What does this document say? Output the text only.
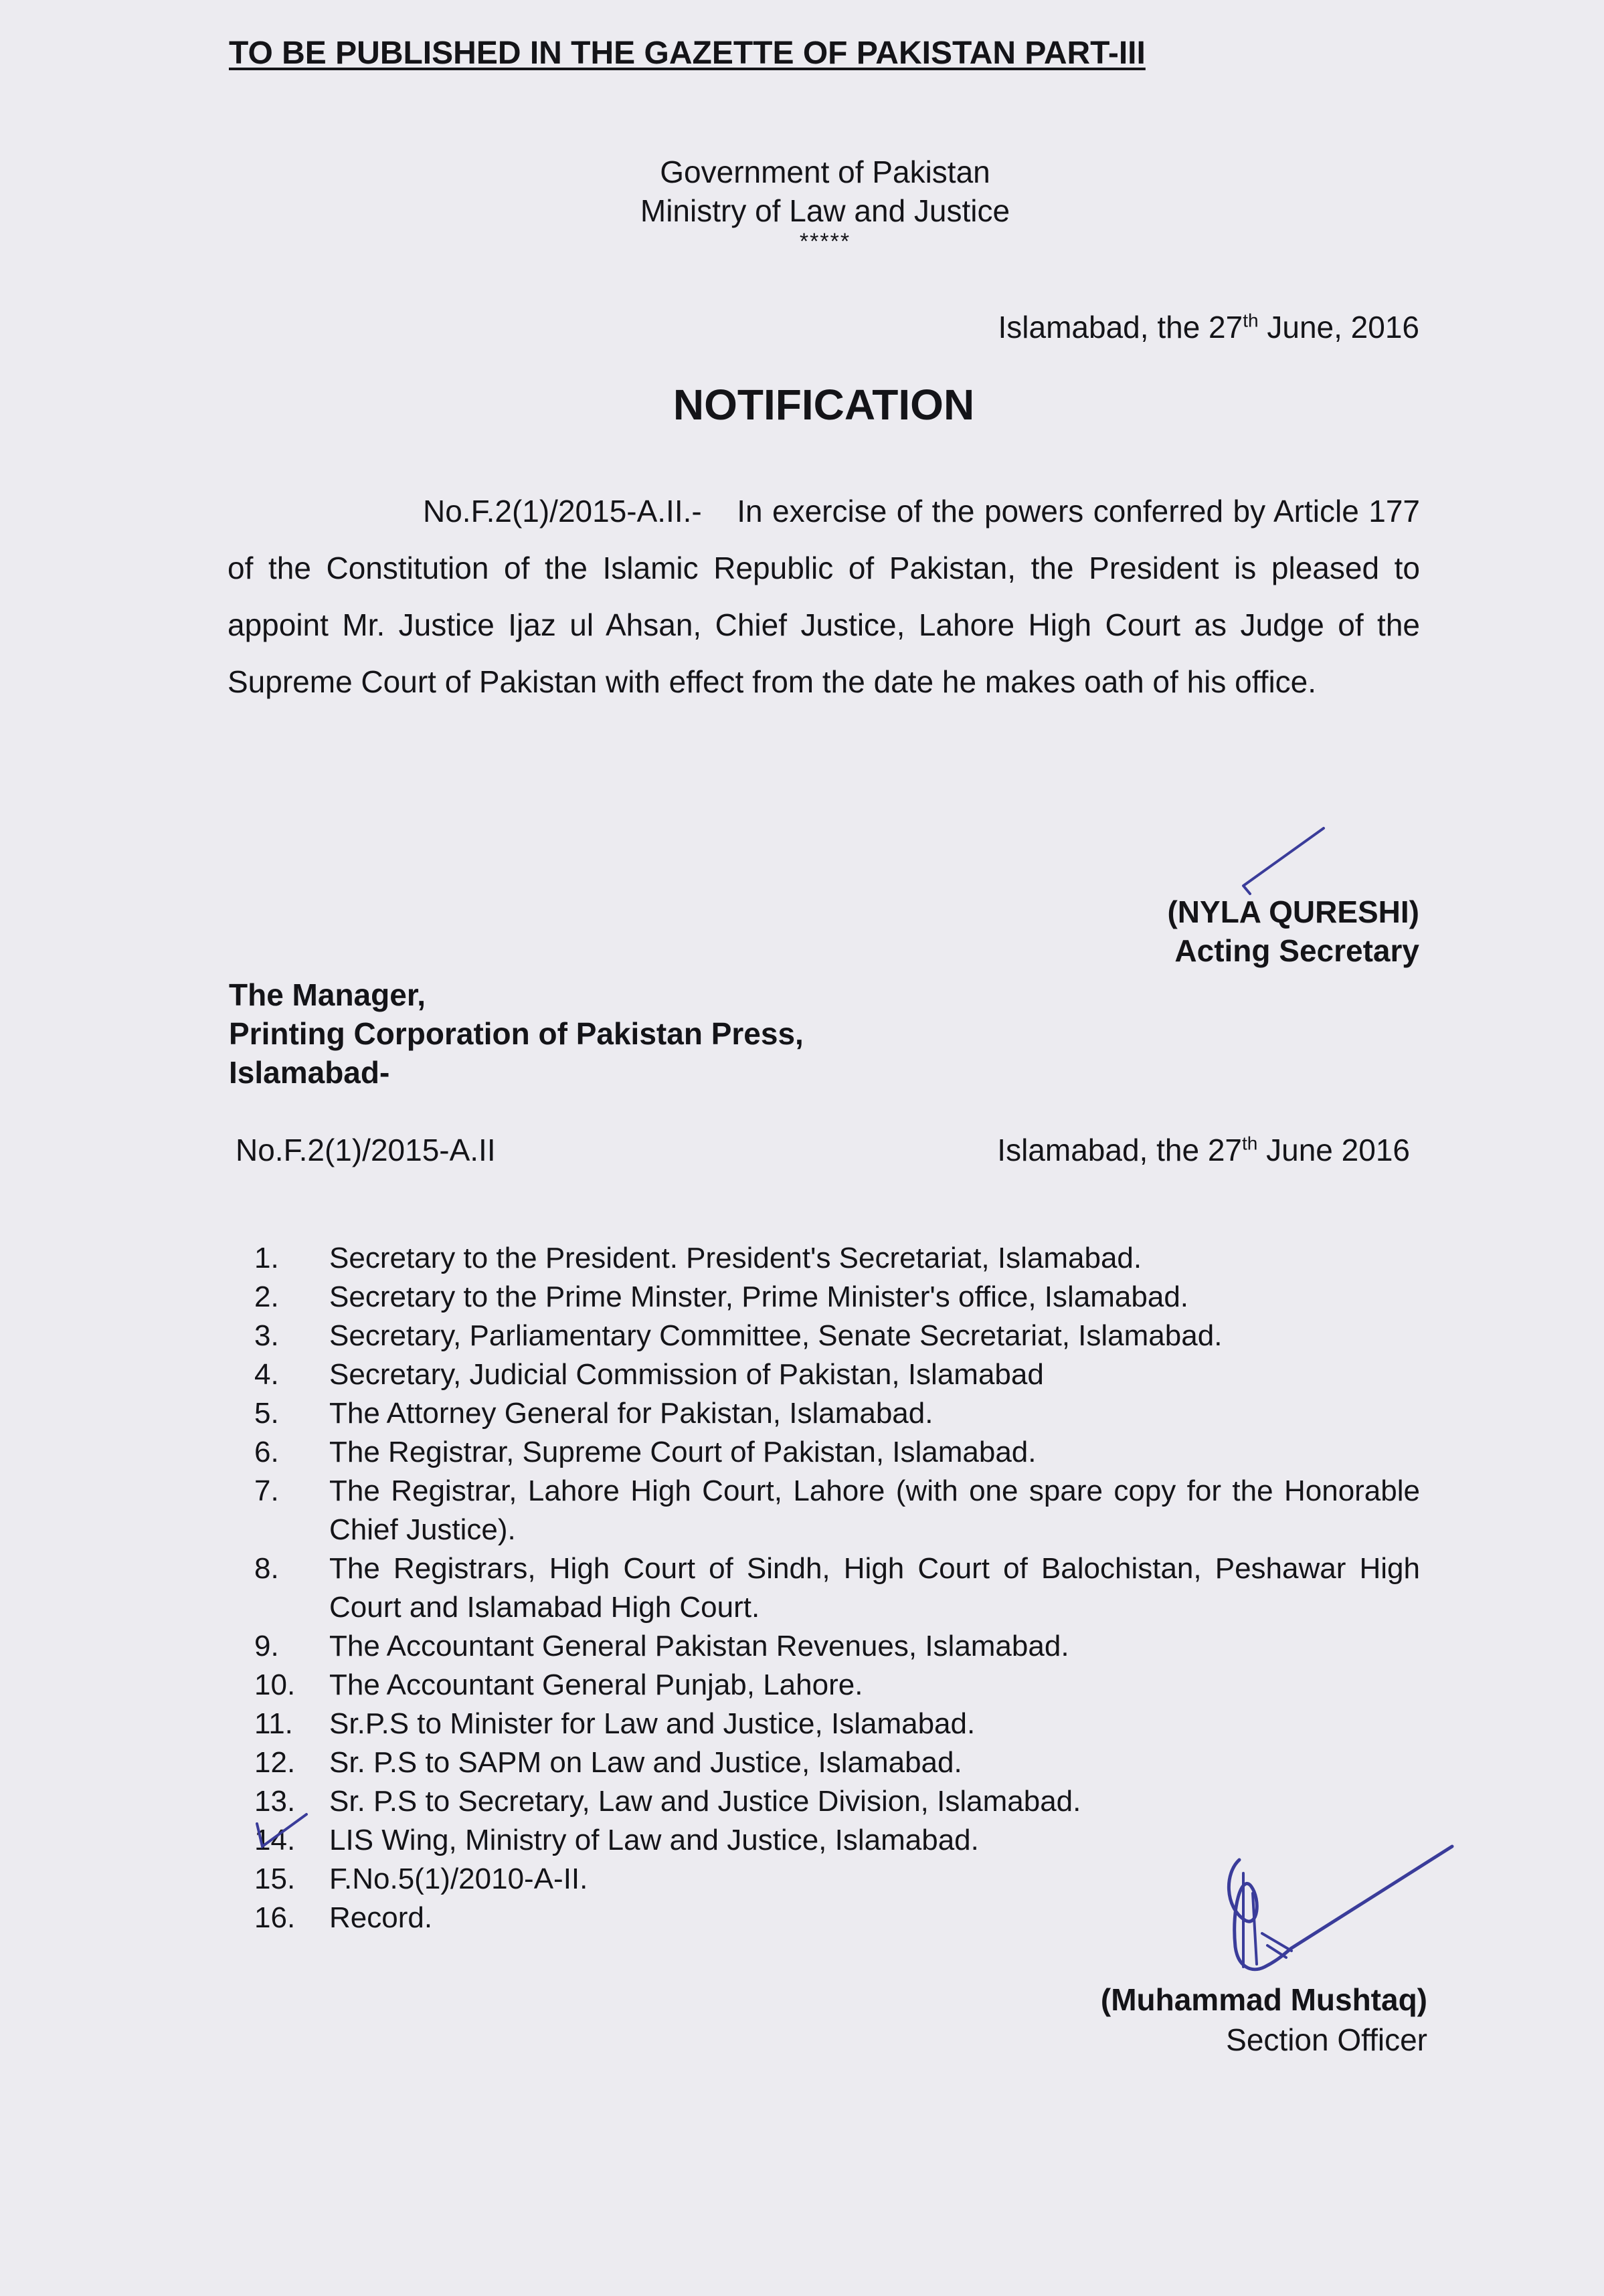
TO BE PUBLISHED IN THE GAZETTE OF PAKISTAN PART-III
Government of Pakistan
Ministry of Law and Justice
*****
Islamabad, the 27th June, 2016
NOTIFICATION
No.F.2(1)/2015-A.II.- In exercise of the powers conferred by Article 177 of the Constitution of the Islamic Republic of Pakistan, the President is pleased to appoint Mr. Justice Ijaz ul Ahsan, Chief Justice, Lahore High Court as Judge of the Supreme Court of Pakistan with effect from the date he makes oath of his office.
(NYLA QURESHI)
Acting Secretary
The Manager,
Printing Corporation of Pakistan Press,
Islamabad-
No.F.2(1)/2015-A.II	Islamabad, the 27th June 2016
1.	Secretary to the President. President's Secretariat, Islamabad.
2.	Secretary to the Prime Minster, Prime Minister's office, Islamabad.
3.	Secretary, Parliamentary Committee, Senate Secretariat, Islamabad.
4.	Secretary, Judicial Commission of Pakistan, Islamabad
5.	The Attorney General for Pakistan, Islamabad.
6.	The Registrar, Supreme Court of Pakistan, Islamabad.
7.	The Registrar, Lahore High Court, Lahore (with one spare copy for the Honorable Chief Justice).
8.	The Registrars, High Court of Sindh, High Court of Balochistan, Peshawar High Court and Islamabad High Court.
9.	The Accountant General Pakistan Revenues, Islamabad.
10.	The Accountant General Punjab, Lahore.
11.	Sr.P.S to Minister for Law and Justice, Islamabad.
12.	Sr. P.S to SAPM on Law and Justice, Islamabad.
13.	Sr. P.S to Secretary, Law and Justice Division, Islamabad.
14.	LIS Wing, Ministry of Law and Justice, Islamabad.
15.	F.No.5(1)/2010-A-II.
16.	Record.
(Muhammad Mushtaq)
Section Officer
